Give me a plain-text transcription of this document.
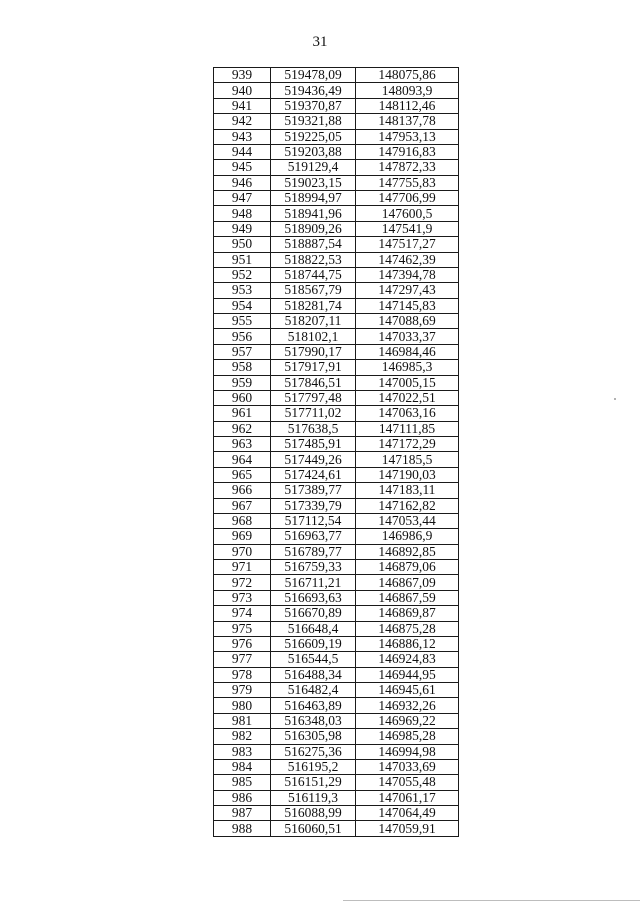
31
939	519478,09	148075,86
940	519436,49	148093,9
941	519370,87	148112,46
942	519321,88	148137,78
943	519225,05	147953,13
944	519203,88	147916,83
945	519129,4	147872,33
946	519023,15	147755,83
947	518994,97	147706,99
948	518941,96	147600,5
949	518909,26	147541,9
950	518887,54	147517,27
951	518822,53	147462,39
952	518744,75	147394,78
953	518567,79	147297,43
954	518281,74	147145,83
955	518207,11	147088,69
956	518102,1	147033,37
957	517990,17	146984,46
958	517917,91	146985,3
959	517846,51	147005,15
960	517797,48	147022,51
961	517711,02	147063,16
962	517638,5	147111,85
963	517485,91	147172,29
964	517449,26	147185,5
965	517424,61	147190,03
966	517389,77	147183,11
967	517339,79	147162,82
968	517112,54	147053,44
969	516963,77	146986,9
970	516789,77	146892,85
971	516759,33	146879,06
972	516711,21	146867,09
973	516693,63	146867,59
974	516670,89	146869,87
975	516648,4	146875,28
976	516609,19	146886,12
977	516544,5	146924,83
978	516488,34	146944,95
979	516482,4	146945,61
980	516463,89	146932,26
981	516348,03	146969,22
982	516305,98	146985,28
983	516275,36	146994,98
984	516195,2	147033,69
985	516151,29	147055,48
986	516119,3	147061,17
987	516088,99	147064,49
988	516060,51	147059,91
